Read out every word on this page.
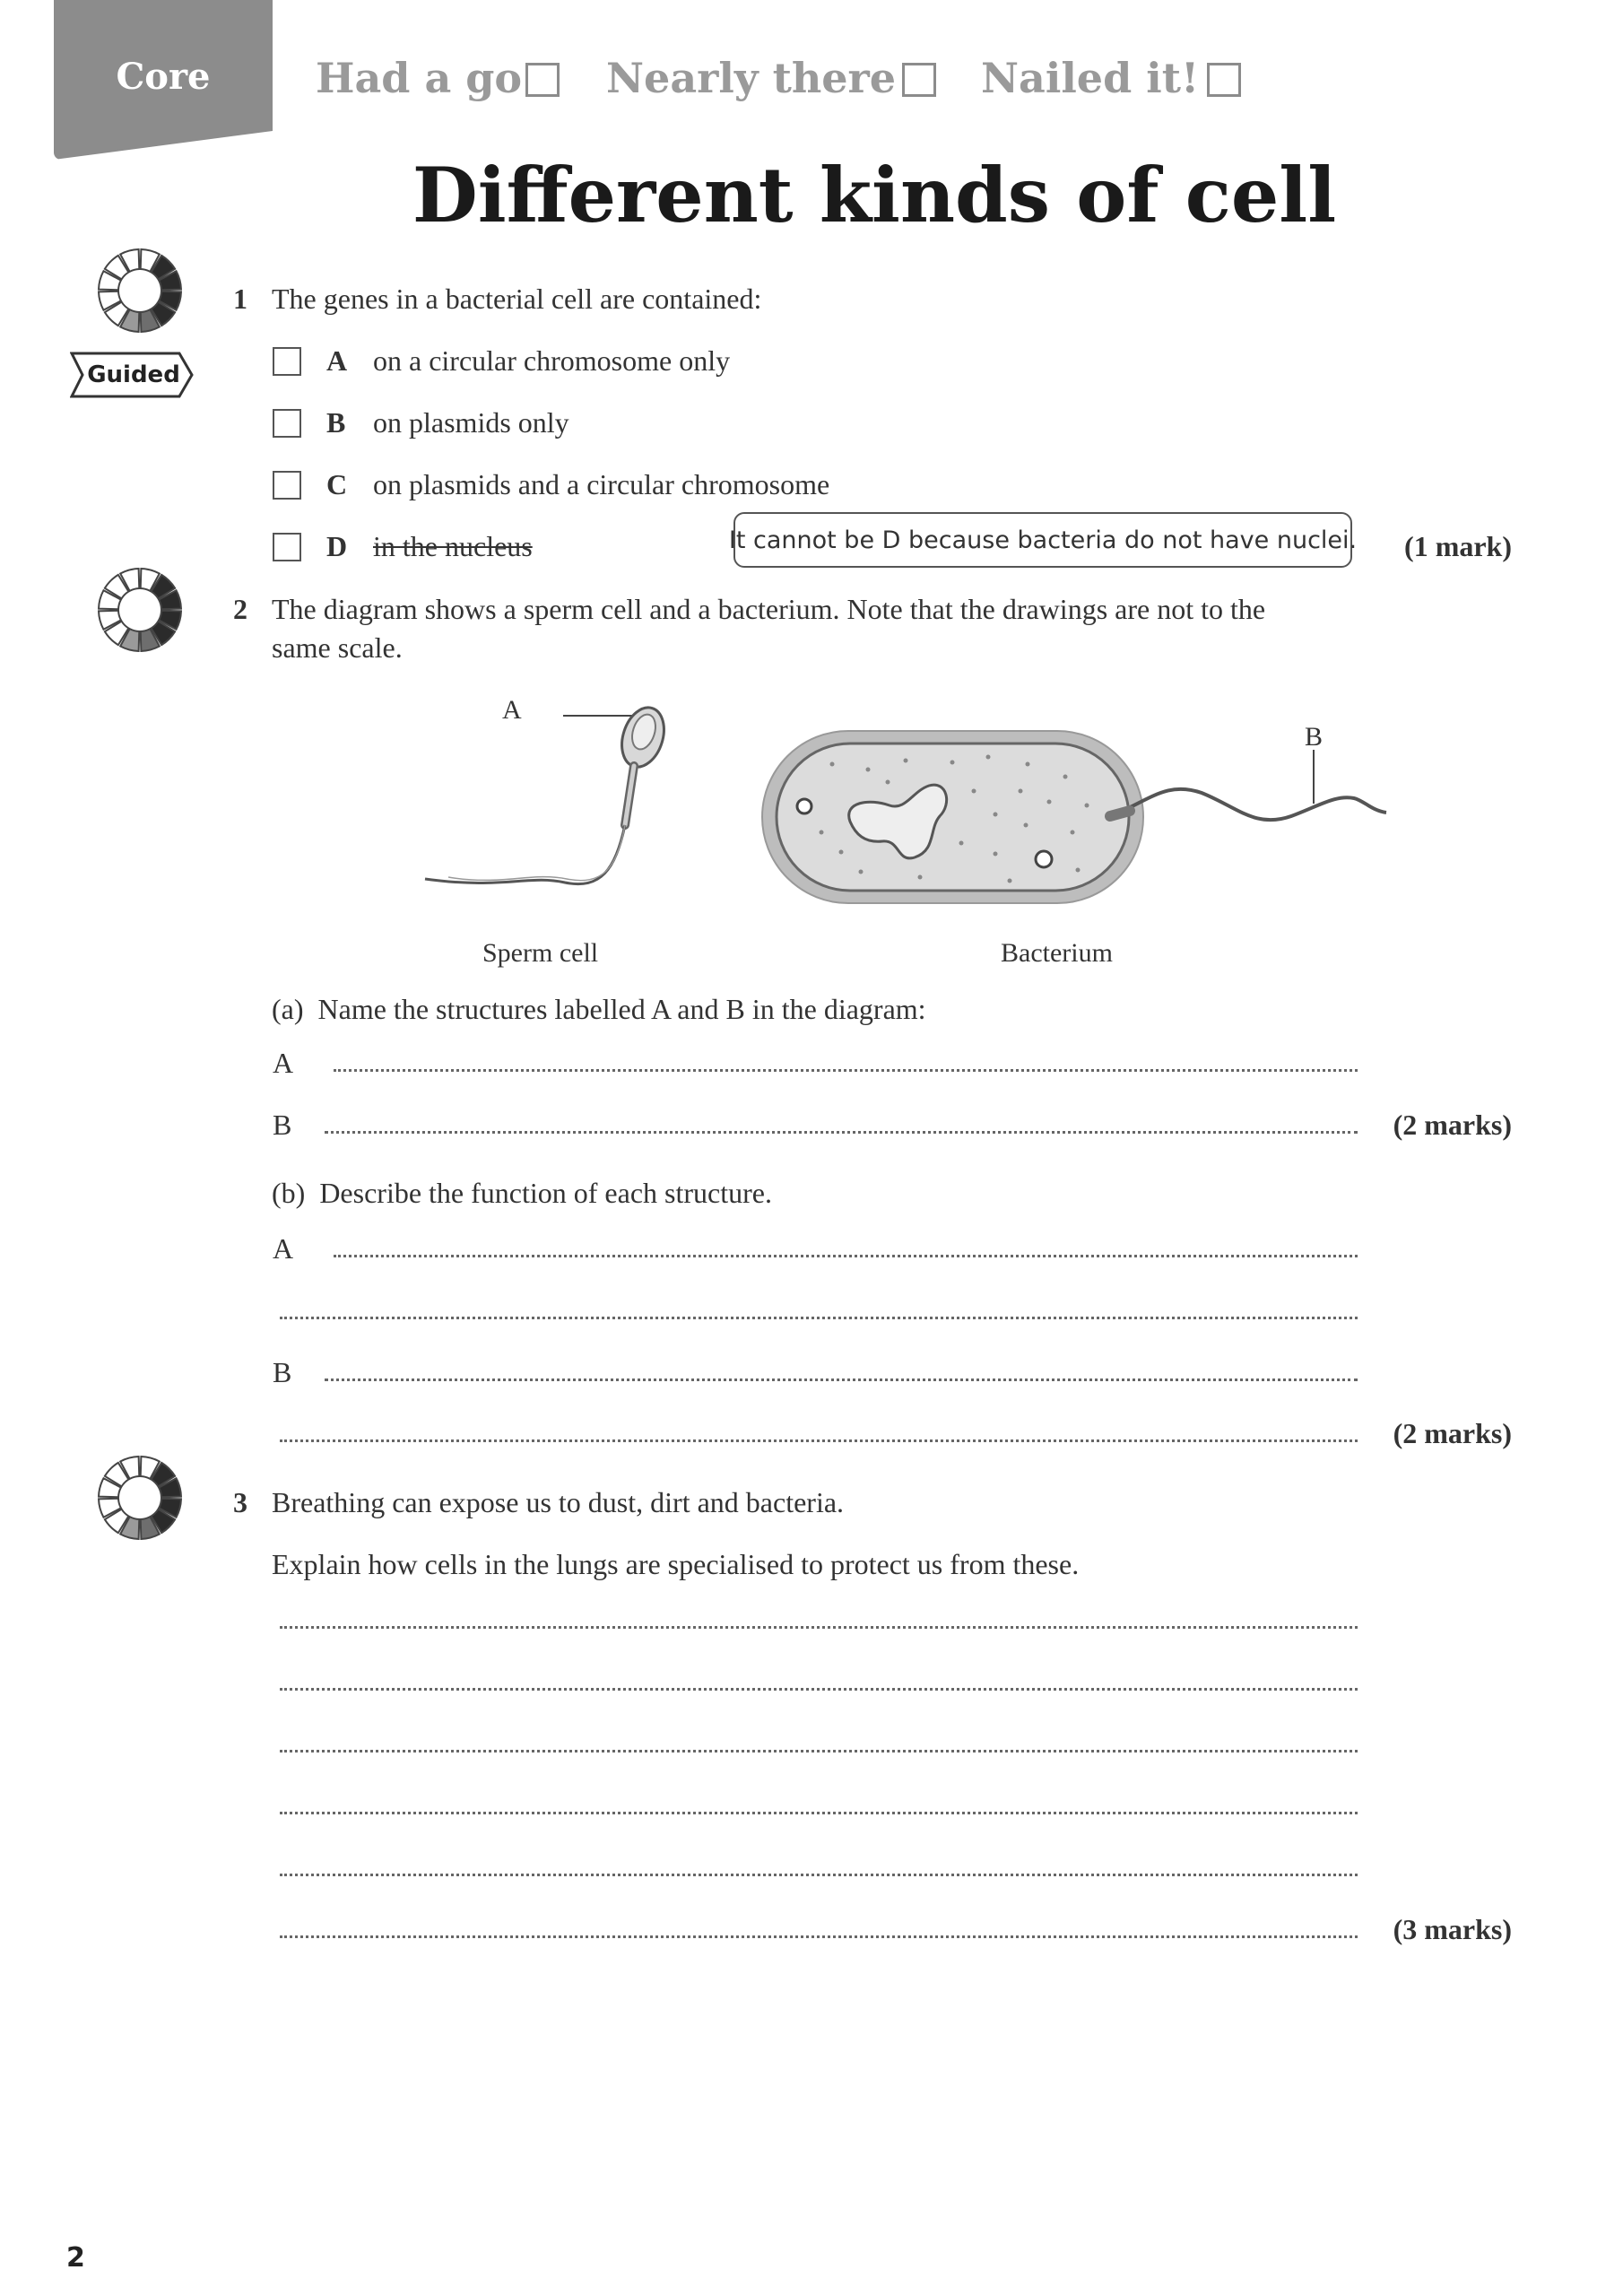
Core	Had a go Nearly there Nailed it!
Different kinds of cell
Guided
1 The genes in a bacterial cell are contained:
A on a circular chromosome only
B on plasmids only
C on plasmids and a circular chromosome
D in the nucleus	It cannot be D because bacteria do not have nuclei. (1 mark)
2 The diagram shows a sperm cell and a bacterium. Note that the drawings are not to the
same scale.
A
B
Sperm cell	Bacterium
(a)  Name the structures labelled A and B in the diagram:
A
B	(2 marks)
(b)  Describe the function of each structure.
A
B
(2 marks)
3 Breathing can expose us to dust, dirt and bacteria.
Explain how cells in the lungs are specialised to protect us from these.
(3 marks)
2
